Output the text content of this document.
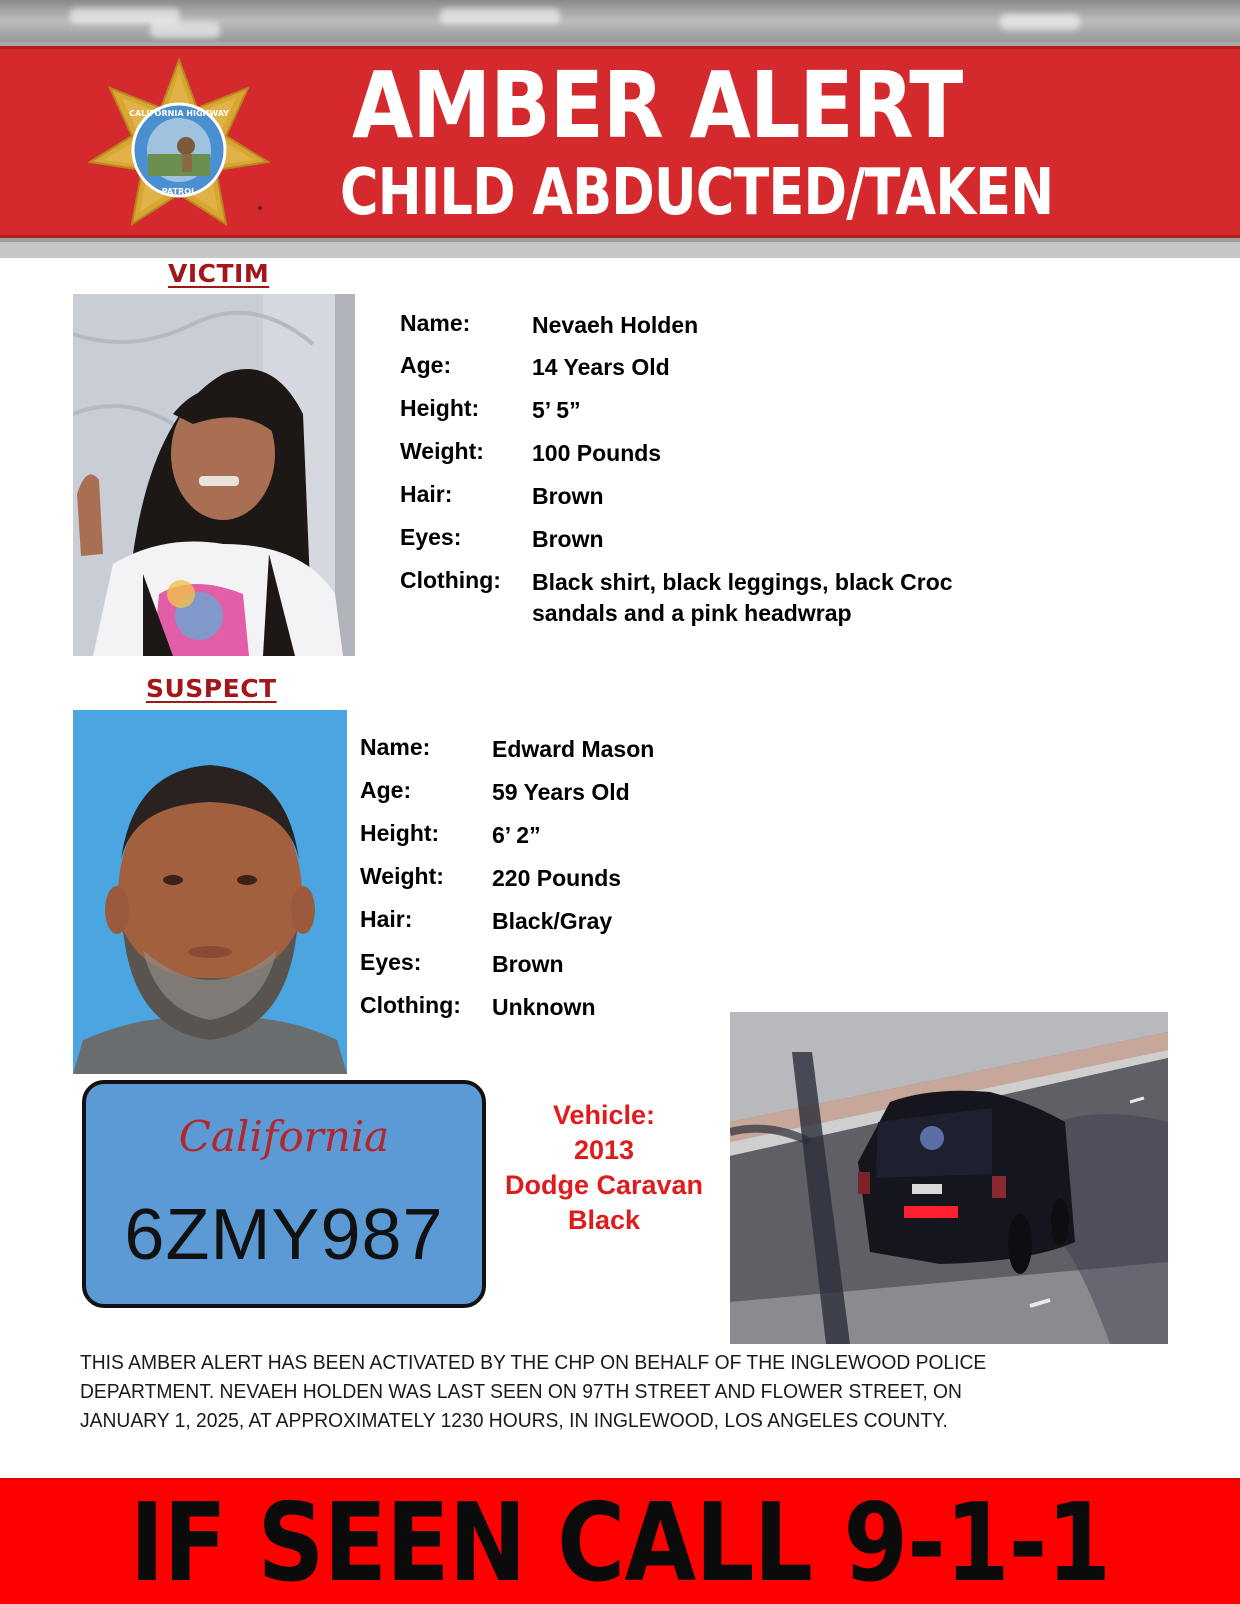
CALIFORNIA HIGHWAY
PATROL
AMBER ALERT
CHILD ABDUCTED/TAKEN
VICTIM
Name:	Nevaeh Holden
Age:	14 Years Old
Height: 5’ 5”
Weight: 100 Pounds
Hair:	Brown
Eyes:	Brown
Clothing: Black shirt, black leggings, black Croc
sandals and a pink headwrap
SUSPECT
Name:	Edward Mason
Age:	59 Years Old
Height: 6’ 2”
Weight: 220 Pounds
Hair:	Black/Gray
Eyes:	Brown
Clothing: Unknown
California
6ZMY987
Vehicle:
2013
Dodge Caravan
Black
THIS AMBER ALERT HAS BEEN ACTIVATED BY THE CHP ON BEHALF OF THE INGLEWOOD POLICE
DEPARTMENT. NEVAEH HOLDEN WAS LAST SEEN ON 97TH STREET AND FLOWER STREET, ON
JANUARY 1, 2025, AT APPROXIMATELY 1230 HOURS, IN INGLEWOOD, LOS ANGELES COUNTY.
IF SEEN CALL 9-1-1
